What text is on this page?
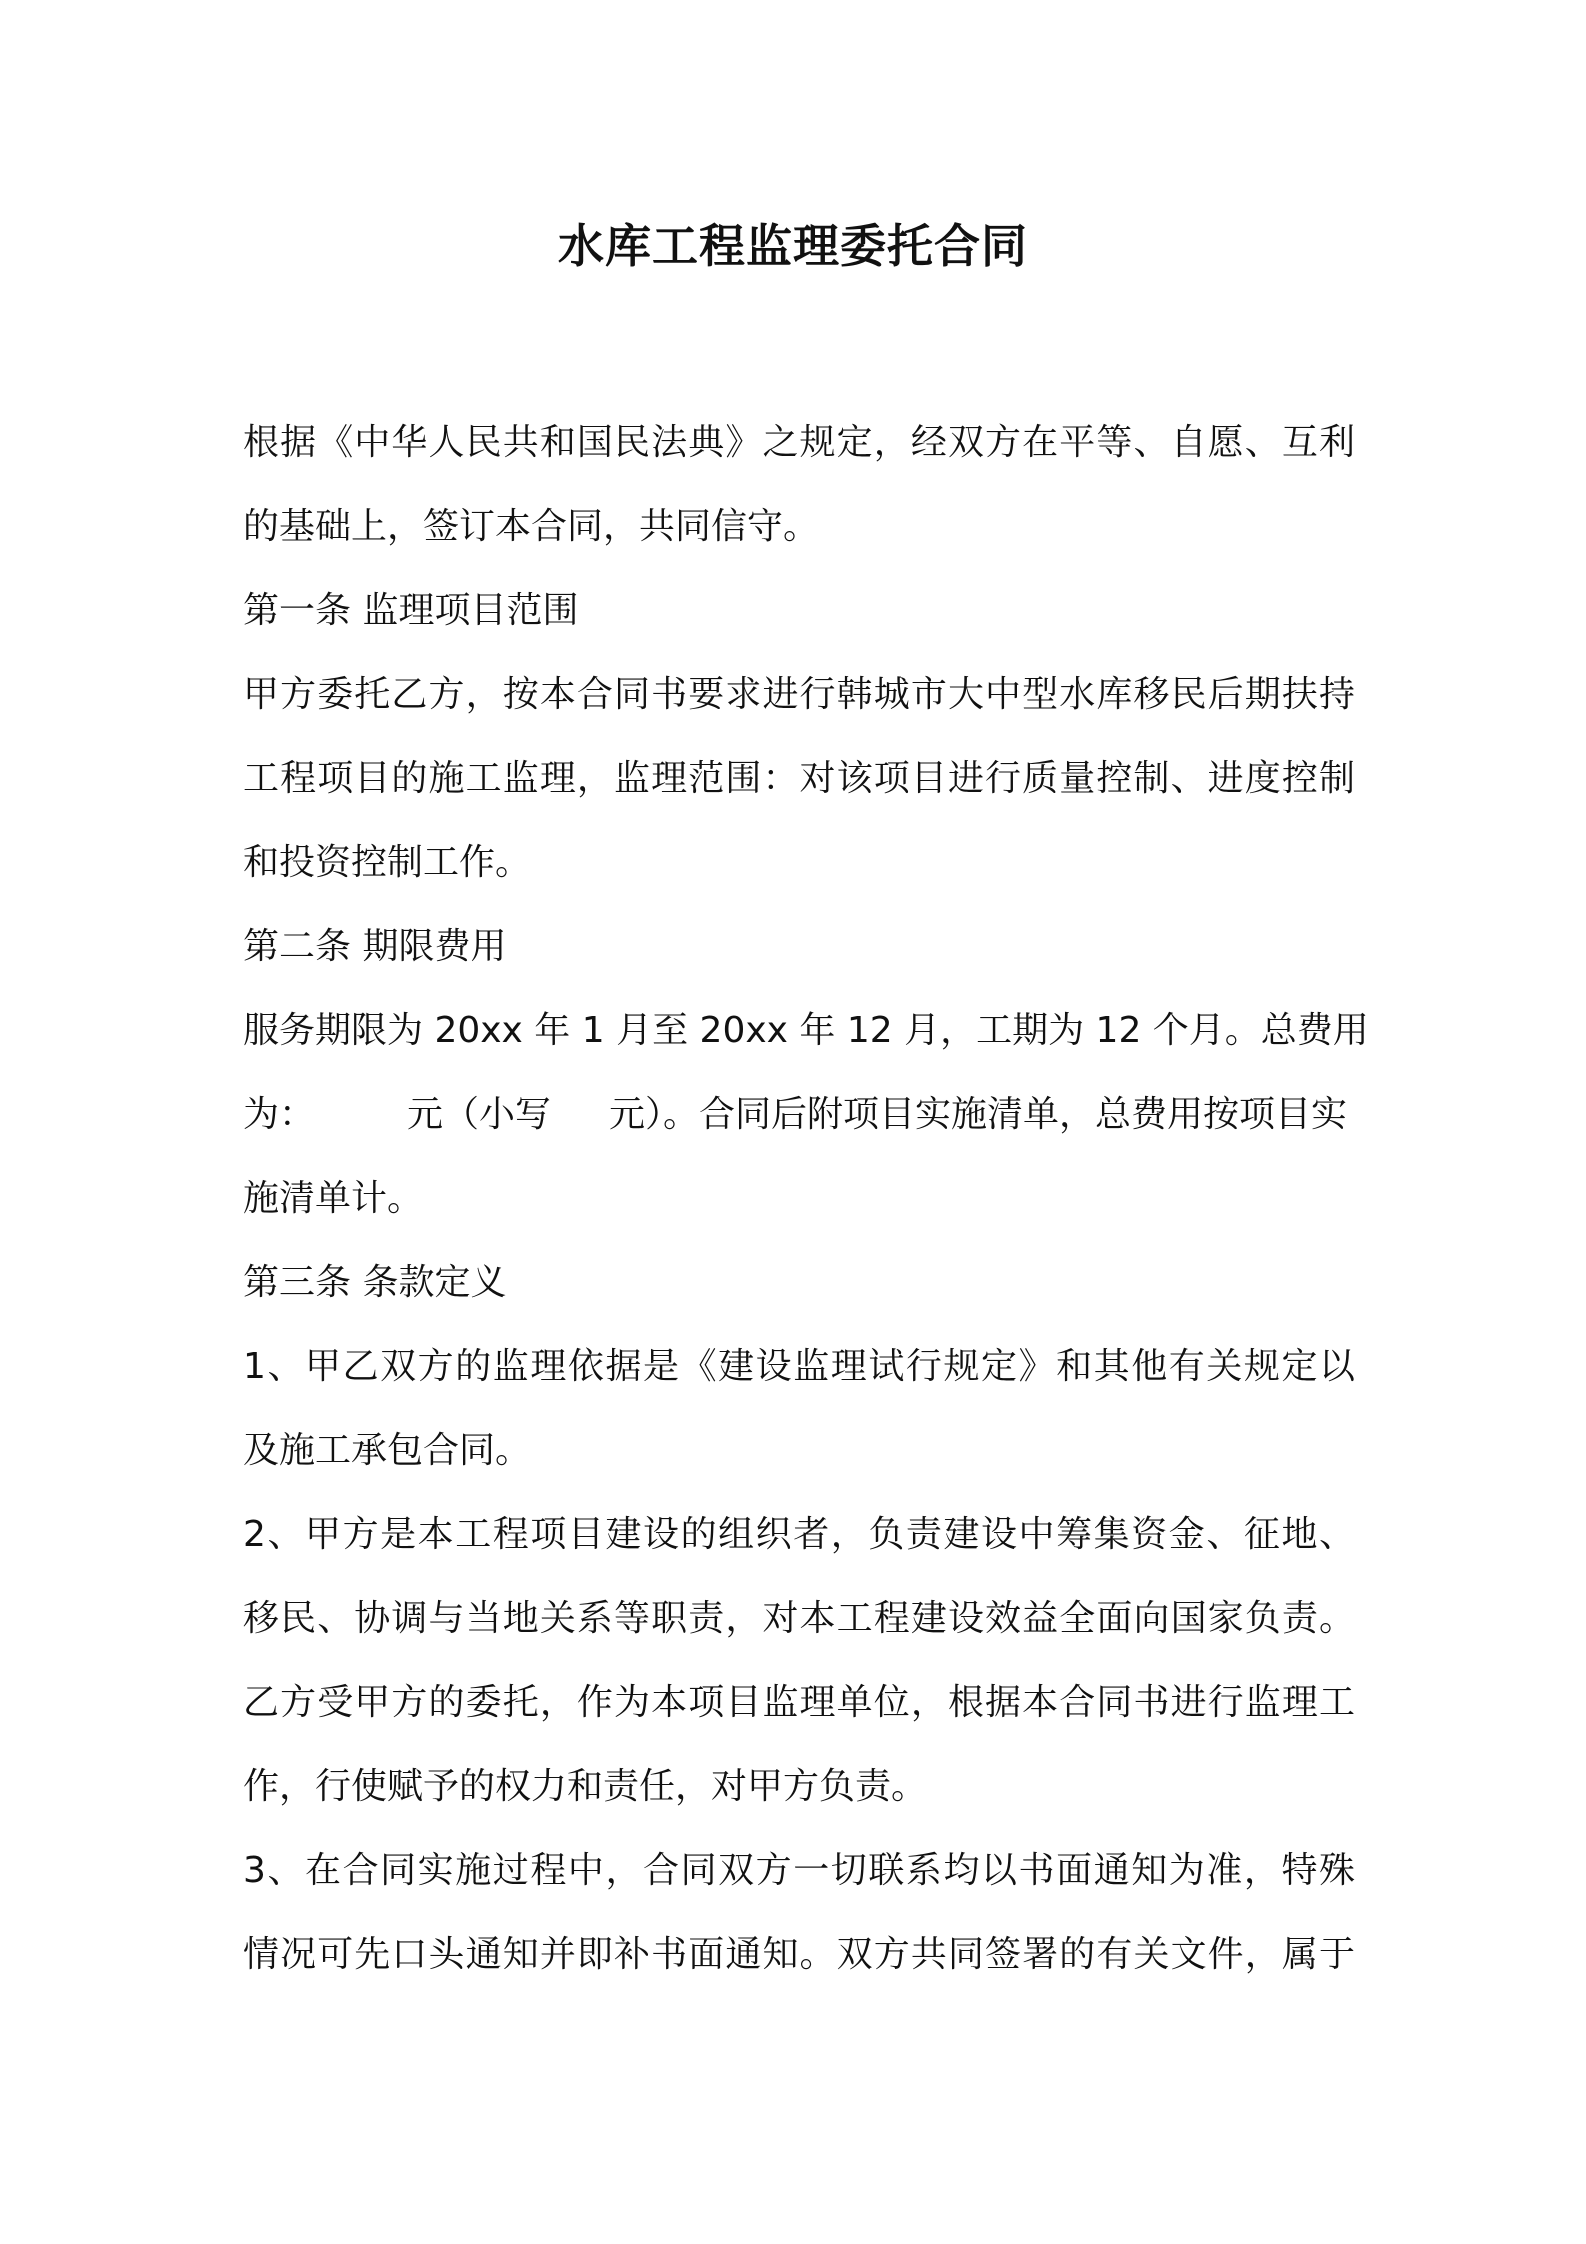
水库工程监理委托合同
根据《中华人民共和国民法典》之规定，经双方在平等、自愿、互利
的基础上，签订本合同，共同信守。
第一条 监理项目范围
甲方委托乙方，按本合同书要求进行韩城市大中型水库移民后期扶持
工程项目的施工监理，监理范围：对该项目进行质量控制、进度控制
和投资控制工作。
第二条 期限费用
服务期限为 20xx 年 1 月至 20xx 年 12 月，工期为 12 个月。总费用
为：	元（小写 元）。合同后附项目实施清单，总费用按项目实
施清单计。
第三条 条款定义
1、甲乙双方的监理依据是《建设监理试行规定》和其他有关规定以
及施工承包合同。
2、甲方是本工程项目建设的组织者，负责建设中筹集资金、征地、
移民、协调与当地关系等职责，对本工程建设效益全面向国家负责。
乙方受甲方的委托，作为本项目监理单位，根据本合同书进行监理工
作，行使赋予的权力和责任，对甲方负责。
3、在合同实施过程中，合同双方一切联系均以书面通知为准，特殊
情况可先口头通知并即补书面通知。双方共同签署的有关文件，属于
